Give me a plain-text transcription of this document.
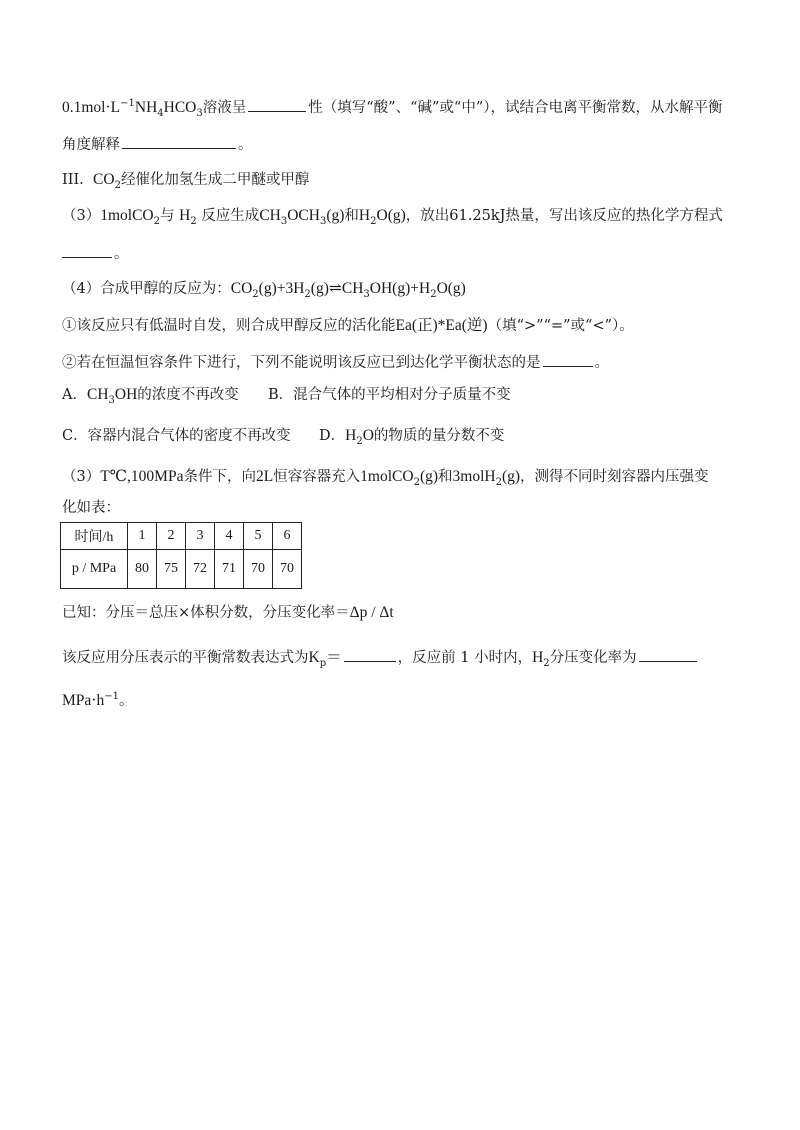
$0.1mol\cdot L^{-1}NH_4HCO_3$溶液呈	性（填写“酸”、“碱”或“中”），试结合电离平衡常数，从水解平衡
角度解释	。
III. $CO_2$经催化加氢生成二甲醚或甲醇
（3）1molCO$_2$与 $H_2$ 反应生成$CH_3OCH_3(g)$和$H_2O(g)$，放出61.25kJ热量，写出该反应的热化学方程式
。
（4）合成甲醇的反应为：$CO_2(g)+3H_2(g)\rightleftharpoons CH_3OH(g)+H_2O(g)$
①该反应只有低温时自发，则合成甲醇反应的活化能Ea(正)*Ea(逆)（填“>”“=”或“<”）。
②若在恒温恒容条件下进行，下列不能说明该反应已到达化学平衡状态的是	。
A．$CH_3OH$的浓度不再改变 B．混合气体的平均相对分子质量不变
C．容器内混合气体的密度不再改变 D．$H_2O$的物质的量分数不变
（3）T℃,100MPa条件下，向2L恒容容器充入1molCO$_2$(g)和3molH$_2$(g)，测得不同时刻容器内压强变
化如表：
时间/h	1	2	3	4	5	6
p / MPa	80	75	72	71	70	70
已知：分压＝总压×体积分数，分压变化率＝Δp / Δt
该反应用分压表示的平衡常数表达式为$K_p=$	，反应前 1 小时内，$H_2$分压变化率为
$MPa\cdot h^{-1}$。
